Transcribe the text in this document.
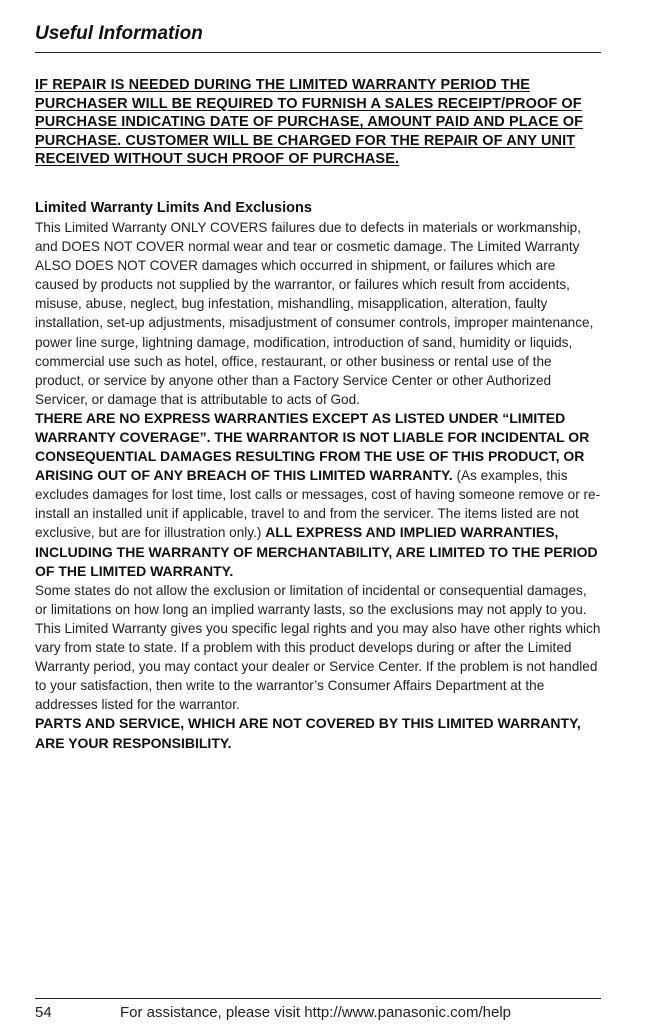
Useful Information

IF REPAIR IS NEEDED DURING THE LIMITED WARRANTY PERIOD THE PURCHASER WILL BE REQUIRED TO FURNISH A SALES RECEIPT/PROOF OF PURCHASE INDICATING DATE OF PURCHASE, AMOUNT PAID AND PLACE OF PURCHASE. CUSTOMER WILL BE CHARGED FOR THE REPAIR OF ANY UNIT RECEIVED WITHOUT SUCH PROOF OF PURCHASE.

Limited Warranty Limits And Exclusions

This Limited Warranty ONLY COVERS failures due to defects in materials or workmanship, and DOES NOT COVER normal wear and tear or cosmetic damage. The Limited Warranty ALSO DOES NOT COVER damages which occurred in shipment, or failures which are caused by products not supplied by the warrantor, or failures which result from accidents, misuse, abuse, neglect, bug infestation, mishandling, misapplication, alteration, faulty installation, set-up adjustments, misadjustment of consumer controls, improper maintenance, power line surge, lightning damage, modification, introduction of sand, humidity or liquids, commercial use such as hotel, office, restaurant, or other business or rental use of the product, or service by anyone other than a Factory Service Center or other Authorized Servicer, or damage that is attributable to acts of God.

THERE ARE NO EXPRESS WARRANTIES EXCEPT AS LISTED UNDER “LIMITED WARRANTY COVERAGE”. THE WARRANTOR IS NOT LIABLE FOR INCIDENTAL OR CONSEQUENTIAL DAMAGES RESULTING FROM THE USE OF THIS PRODUCT, OR ARISING OUT OF ANY BREACH OF THIS LIMITED WARRANTY. (As examples, this excludes damages for lost time, lost calls or messages, cost of having someone remove or re-install an installed unit if applicable, travel to and from the servicer. The items listed are not exclusive, but are for illustration only.) ALL EXPRESS AND IMPLIED WARRANTIES, INCLUDING THE WARRANTY OF MERCHANTABILITY, ARE LIMITED TO THE PERIOD OF THE LIMITED WARRANTY.

Some states do not allow the exclusion or limitation of incidental or consequential damages, or limitations on how long an implied warranty lasts, so the exclusions may not apply to you.

This Limited Warranty gives you specific legal rights and you may also have other rights which vary from state to state. If a problem with this product develops during or after the Limited Warranty period, you may contact your dealer or Service Center. If the problem is not handled to your satisfaction, then write to the warrantor’s Consumer Affairs Department at the addresses listed for the warrantor.

PARTS AND SERVICE, WHICH ARE NOT COVERED BY THIS LIMITED WARRANTY, ARE YOUR RESPONSIBILITY.

54	For assistance, please visit http://www.panasonic.com/help
